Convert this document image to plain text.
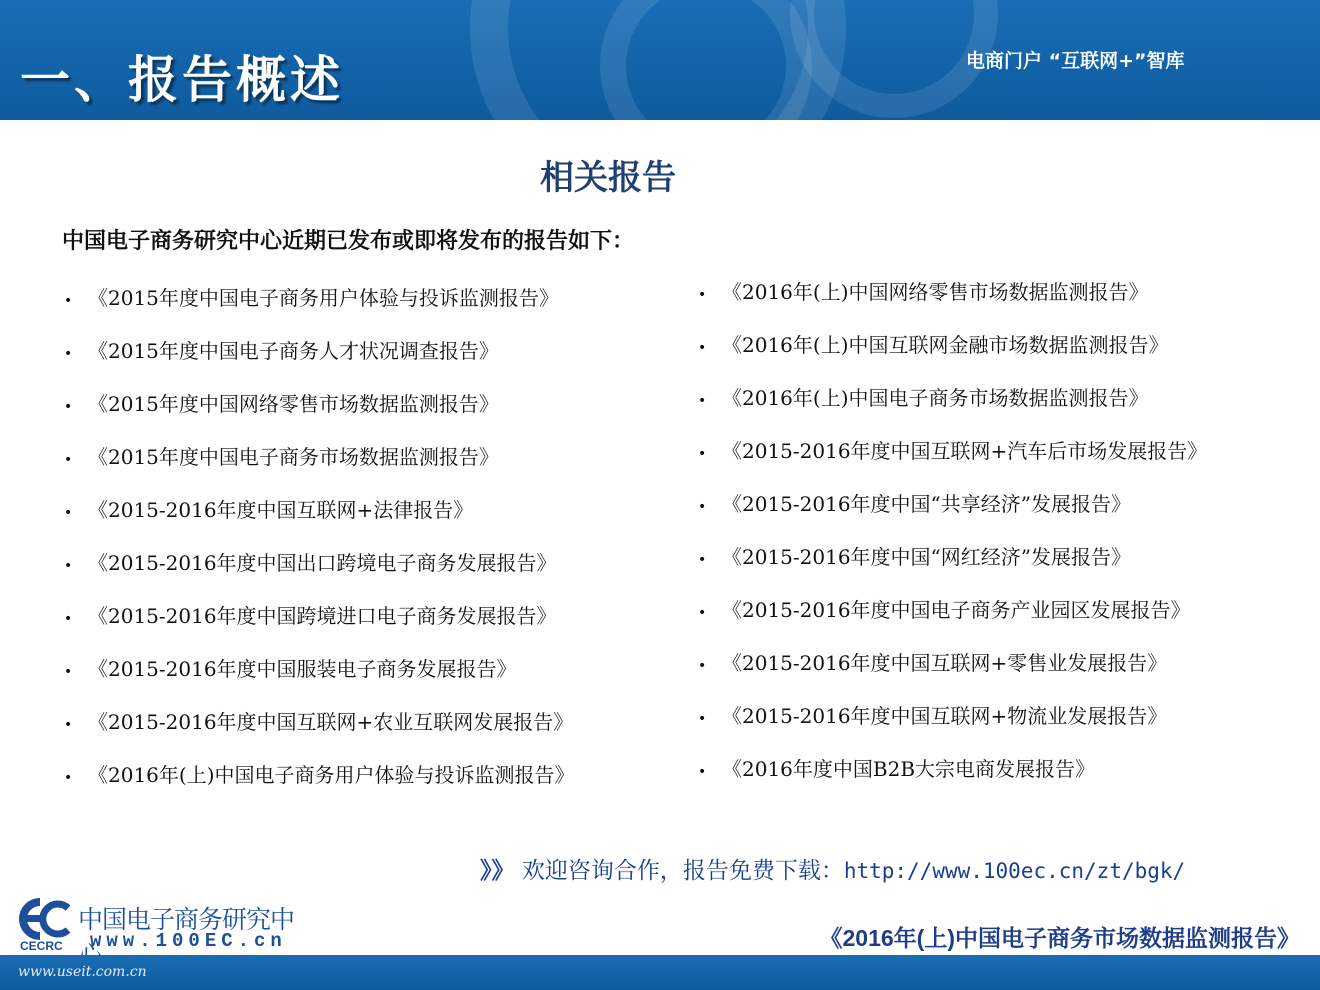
一、报告概述	电商门户 “互联网+”智库
相关报告
中国电子商务研究中心近期已发布或即将发布的报告如下：
• 《2015年度中国电子商务用户体验与投诉监测报告》
• 《2015年度中国电子商务人才状况调查报告》
• 《2015年度中国网络零售市场数据监测报告》
• 《2015年度中国电子商务市场数据监测报告》
• 《2015-2016年度中国互联网+法律报告》
• 《2015-2016年度中国出口跨境电子商务发展报告》
• 《2015-2016年度中国跨境进口电子商务发展报告》
• 《2015-2016年度中国服装电子商务发展报告》
• 《2015-2016年度中国互联网+农业互联网发展报告》
• 《2016年(上)中国电子商务用户体验与投诉监测报告》
• 《2016年(上)中国网络零售市场数据监测报告》
• 《2016年(上)中国互联网金融市场数据监测报告》
• 《2016年(上)中国电子商务市场数据监测报告》
• 《2015-2016年度中国互联网+汽车后市场发展报告》
• 《2015-2016年度中国“共享经济”发展报告》
• 《2015-2016年度中国“网红经济”发展报告》
• 《2015-2016年度中国电子商务产业园区发展报告》
• 《2015-2016年度中国互联网+零售业发展报告》
• 《2015-2016年度中国互联网+物流业发展报告》
• 《2016年度中国B2B大宗电商发展报告》
》》 欢迎咨询合作，报告免费下载：http://www.100ec.cn/zt/bgk/
CECRC
中国电子商务研究中
www.100EC.cn	《2016年(上)中国电子商务市场数据监测报告》
www.useit.com.cn
